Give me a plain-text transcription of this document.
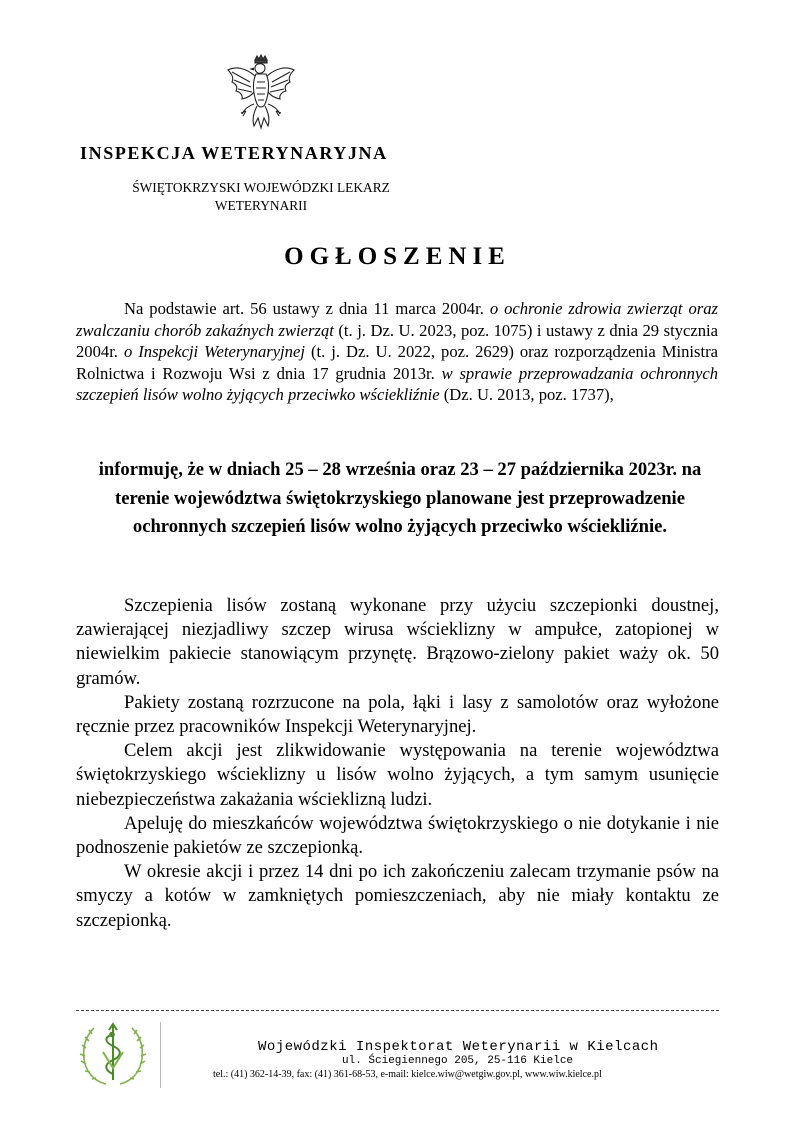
INSPEKCJA WETERYNARYJNA
ŚWIĘTOKRZYSKI WOJEWÓDZKI LEKARZ
WETERYNARII
OGŁOSZENIE
Na podstawie art. 56 ustawy z dnia 11 marca 2004r. o ochronie zdrowia zwierząt oraz zwalczaniu chorób zakaźnych zwierząt (t. j. Dz. U. 2023, poz. 1075) i ustawy z dnia 29 stycznia 2004r. o Inspekcji Weterynaryjnej (t. j. Dz. U. 2022, poz. 2629) oraz rozporządzenia Ministra Rolnictwa i Rozwoju Wsi z dnia 17 grudnia 2013r. w sprawie przeprowadzania ochronnych szczepień lisów wolno żyjących przeciwko wściekliźnie (Dz. U. 2013, poz. 1737),
informuję, że w dniach 25 – 28 września oraz 23 – 27 października 2023r. na terenie województwa świętokrzyskiego planowane jest przeprowadzenie ochronnych szczepień lisów wolno żyjących przeciwko wściekliźnie.

Szczepienia lisów zostaną wykonane przy użyciu szczepionki doustnej, zawierającej niezjadliwy szczep wirusa wścieklizny w ampułce, zatopionej w niewielkim pakiecie stanowiącym przynętę. Brązowo-zielony pakiet waży ok. 50 gramów.

Pakiety zostaną rozrzucone na pola, łąki i lasy z samolotów oraz wyłożone ręcznie przez pracowników Inspekcji Weterynaryjnej.

Celem akcji jest zlikwidowanie występowania na terenie województwa świętokrzyskiego wścieklizny u lisów wolno żyjących, a tym samym usunięcie niebezpieczeństwa zakażania wścieklizną ludzi.

Apeluję do mieszkańców województwa świętokrzyskiego o nie dotykanie i nie podnoszenie pakietów ze szczepionką.

W okresie akcji i przez 14 dni po ich zakończeniu zalecam trzymanie psów na smyczy a kotów w zamkniętych pomieszczeniach, aby nie miały kontaktu ze szczepionką.

Wojewódzki Inspektorat Weterynarii w Kielcach
ul. Ściegiennego 205, 25-116 Kielce
tel.: (41) 362-14-39, fax: (41) 361-68-53, e-mail: kielce.wiw@wetgiw.gov.pl, www.wiw.kielce.pl
